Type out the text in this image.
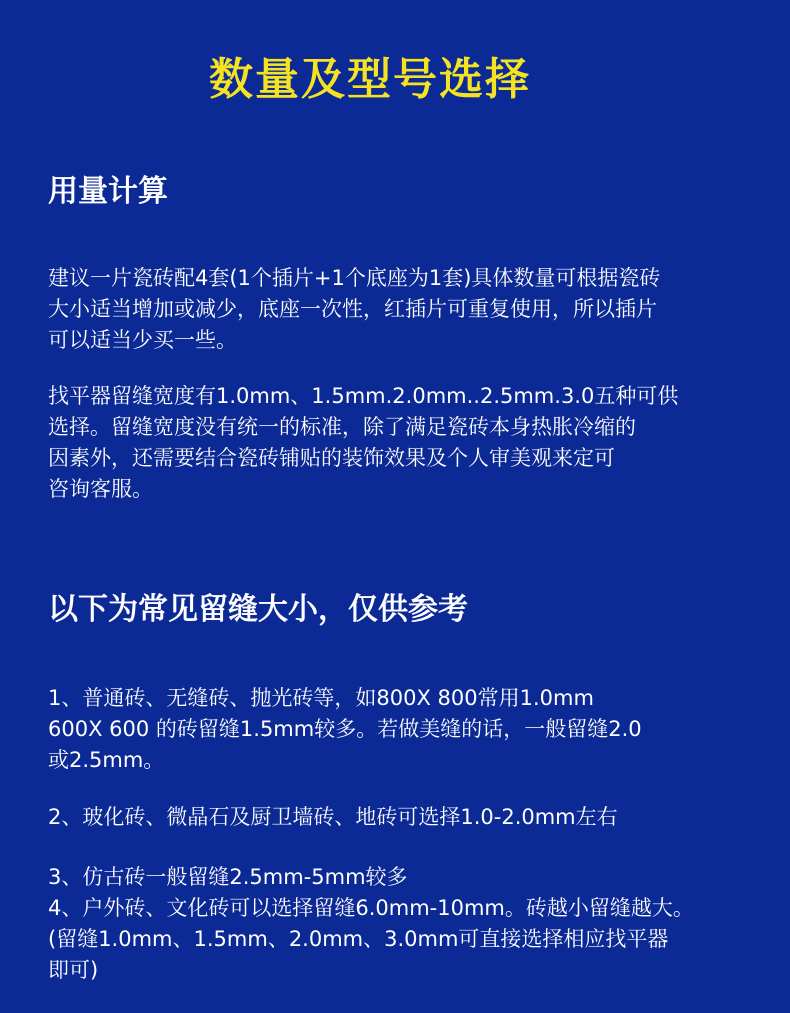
数量及型号选择
用量计算

建议一片瓷砖配4套(1个插片+1个底座为1套)具体数量可根据瓷砖
大小适当增加或减少，底座一次性，红插片可重复使用，所以插片
可以适当少买一些。

找平器留缝宽度有1.0mm、1.5mm.2.0mm..2.5mm.3.0五种可供
选择。留缝宽度没有统一的标准，除了满足瓷砖本身热胀冷缩的
因素外，还需要结合瓷砖铺贴的装饰效果及个人审美观来定可
咨询客服。

以下为常见留缝大小，仅供参考

1、普通砖、无缝砖、抛光砖等，如800X 800常用1.0mm
600X 600 的砖留缝1.5mm较多。若做美缝的话，一般留缝2.0
或2.5mm。

2、玻化砖、微晶石及厨卫墙砖、地砖可选择1.0-2.0mm左右

3、仿古砖一般留缝2.5mm-5mm较多
4、户外砖、文化砖可以选择留缝6.0mm-10mm。砖越小留缝越大。
(留缝1.0mm、1.5mm、2.0mm、3.0mm可直接选择相应找平器
即可)
